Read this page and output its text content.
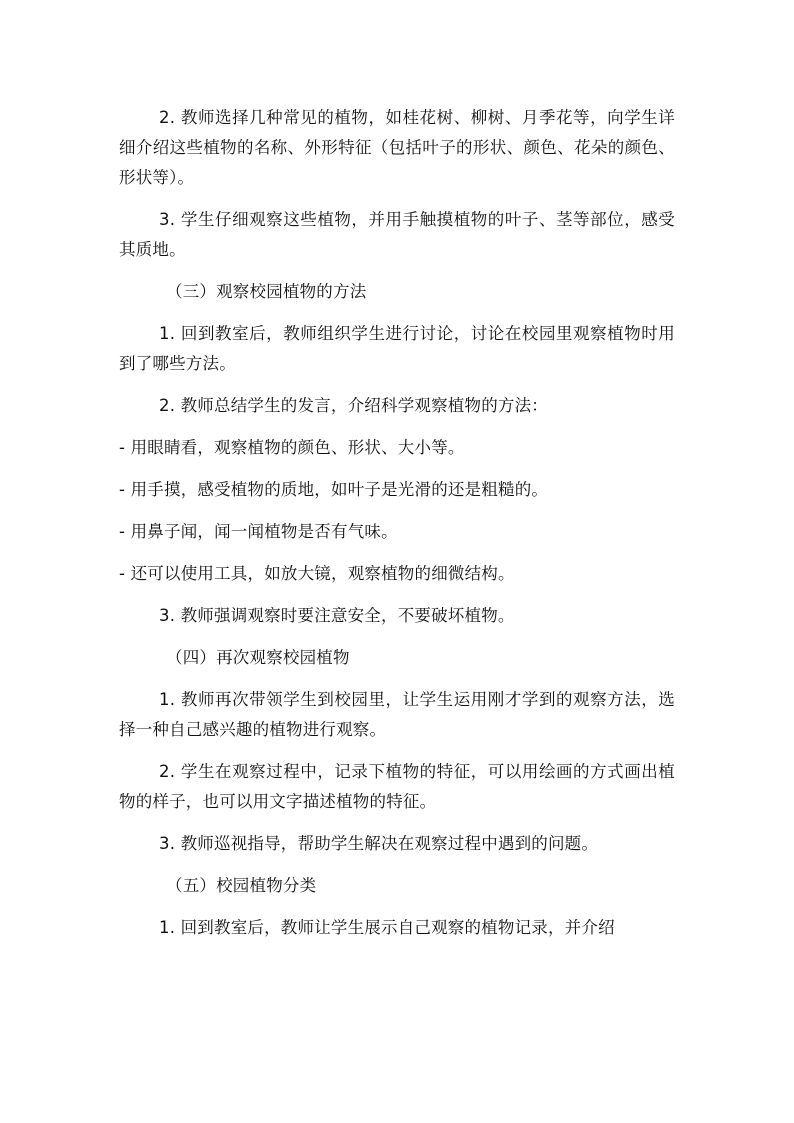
2. 教师选择几种常见的植物，如桂花树、柳树、月季花等，向学生详细介绍这些植物的名称、外形特征（包括叶子的形状、颜色、花朵的颜色、形状等）。

3. 学生仔细观察这些植物，并用手触摸植物的叶子、茎等部位，感受其质地。

（三）观察校园植物的方法

1. 回到教室后，教师组织学生进行讨论，讨论在校园里观察植物时用到了哪些方法。

2. 教师总结学生的发言，介绍科学观察植物的方法：

- 用眼睛看，观察植物的颜色、形状、大小等。

- 用手摸，感受植物的质地，如叶子是光滑的还是粗糙的。

- 用鼻子闻，闻一闻植物是否有气味。

- 还可以使用工具，如放大镜，观察植物的细微结构。

3. 教师强调观察时要注意安全，不要破坏植物。

（四）再次观察校园植物

1. 教师再次带领学生到校园里，让学生运用刚才学到的观察方法，选择一种自己感兴趣的植物进行观察。

2. 学生在观察过程中，记录下植物的特征，可以用绘画的方式画出植物的样子，也可以用文字描述植物的特征。

3. 教师巡视指导，帮助学生解决在观察过程中遇到的问题。

（五）校园植物分类

1. 回到教室后，教师让学生展示自己观察的植物记录，并介绍
